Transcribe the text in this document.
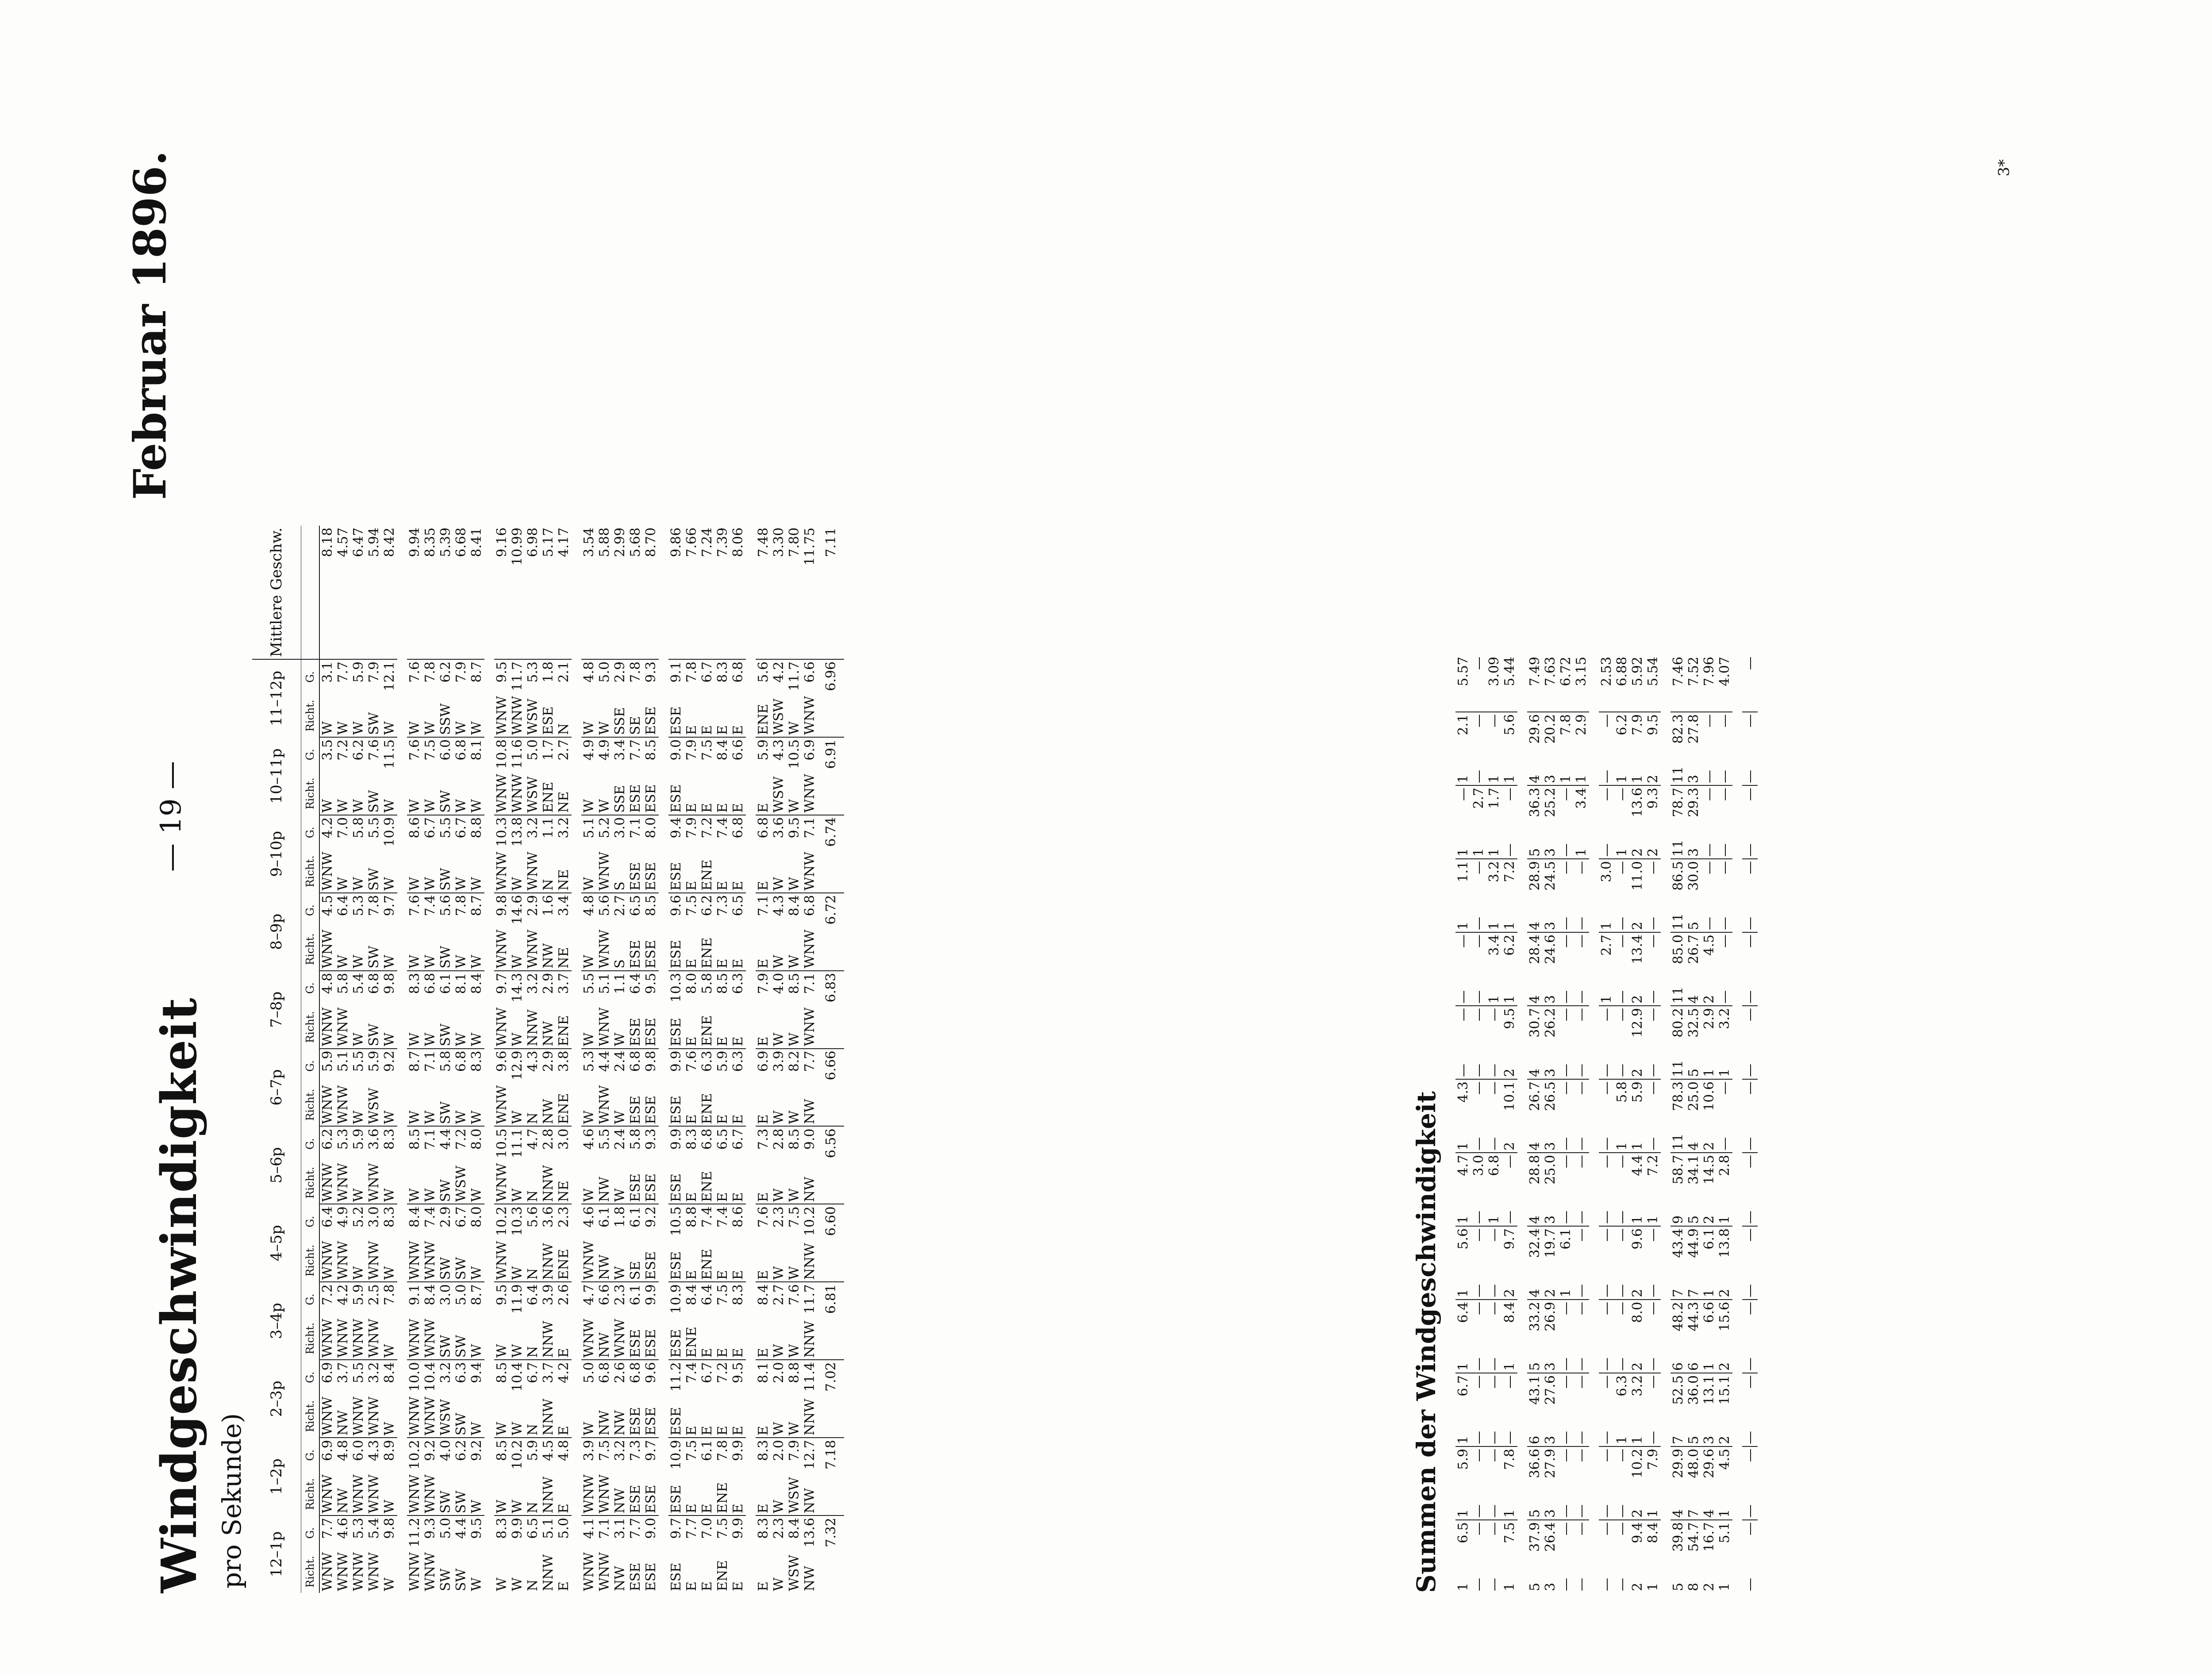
Windgeschwindigkeit pro Sekunde)
— 19 —
Februar 1896.
12–1p		1–2p		2–3p		3–4p		4–5p		5–6p		6–7p		7–8p		8–9p		9–10p		10–11p		11–12p		Mittlere Geschw.
Richt.	G.	Richt.	G.	Richt.	G.	Richt.	G.	Richt.	G.	Richt.	G.	Richt.	G.	Richt.	G.	Richt.	G.	Richt.	G.	Richt.	G.	Richt.	G.	
WNW	7.7	WNW	6.9	WNW	6.9	WNW	7.2	WNW	6.4	WNW	6.2	WNW	5.9	WNW	4.8	WNW	4.5	WNW	4.2	W	3.5	W	3.1	8.18
WNW	4.6	NW	4.8	NW	3.7	WNW	4.2	WNW	4.9	WNW	5.3	WNW	5.1	WNW	5.8	W	6.4	W	7.0	W	7.2	W	7.7	4.57
WNW	5.3	WNW	6.0	WNW	5.5	WNW	5.9	W	5.2	W	5.9	W	5.5	W	5.4	W	5.3	W	5.8	W	6.2	W	5.9	6.47
WNW	5.4	WNW	4.3	WNW	3.2	WNW	2.5	WNW	3.0	WNW	3.6	WSW	5.9	SW	6.8	SW	7.8	SW	5.5	SW	7.6	SW	7.9	5.94
W	9.8	W	8.9	W	8.4	W	7.8	W	8.3	W	8.3	W	9.2	W	9.8	W	9.7	W	10.9	W	11.5	W	12.1	8.42

WNW	11.2	WNW	10.2	WNW	10.0	WNW	9.1	WNW	8.4	W	8.5	W	8.7	W	8.3	W	7.6	W	8.6	W	7.6	W	7.6	9.94
WNW	9.3	WNW	9.2	WNW	10.4	WNW	8.4	WNW	7.4	W	7.1	W	7.1	W	6.8	W	7.4	W	6.7	W	7.5	W	7.8	8.35
SW	5.0	SW	4.0	WSW	3.2	SW	3.0	SW	2.9	SW	4.4	SW	5.8	SW	6.1	SW	5.6	SW	5.5	SW	6.0	SSW	6.2	5.39
SW	4.4	SW	6.2	SW	6.3	SW	5.0	SW	6.7	WSW	7.2	W	6.8	W	8.1	W	7.8	W	6.7	W	6.8	W	7.9	6.68
W	9.5	W	9.2	W	9.4	W	8.7	W	8.0	W	8.0	W	8.3	W	8.4	W	8.7	W	8.8	W	8.1	W	8.7	8.41

W	8.3	W	8.5	W	8.5	W	9.5	WNW	10.2	WNW	10.5	WNW	9.6	WNW	9.7	WNW	9.8	WNW	10.3	WNW	10.8	WNW	9.5	9.16
W	9.9	W	10.2	W	10.4	W	11.9	W	10.3	W	11.1	W	12.9	W	14.3	W	14.6	W	13.8	WNW	11.6	WNW	11.7	10.99
N	6.5	N	5.9	N	6.7	N	6.4	N	5.6	N	4.7	N	4.3	NNW	3.2	WNW	2.9	WNW	3.2	WSW	5.0	WSW	5.3	6.98
NNW	5.1	NNW	4.5	NNW	3.7	NNW	3.9	NNW	3.6	NNW	2.8	NW	2.9	NW	2.9	NW	1.6	N	1.1	ENE	1.7	ESE	1.8	5.17
E	5.0	E	4.8	E	4.2	E	2.6	ENE	2.3	NE	3.0	ENE	3.8	ENE	3.7	NE	3.4	NE	3.2	NE	2.7	N	2.1	4.17

WNW	4.1	WNW	3.9	W	5.0	WNW	4.7	WNW	4.6	W	4.6	W	5.3	W	5.5	W	4.8	W	5.1	W	4.9	W	4.8	3.54
WNW	7.1	WNW	7.5	NW	6.8	NW	6.6	NW	6.1	NW	5.5	WNW	4.4	WNW	5.1	WNW	5.6	WNW	5.2	W	4.9	W	5.0	5.88
NW	3.1	NW	3.2	NW	2.6	WNW	2.3	W	1.8	W	2.4	W	2.4	W	1.1	S	2.7	S	3.0	SSE	3.4	SSE	2.9	2.99
ESE	7.7	ESE	7.3	ESE	6.8	ESE	6.1	SE	6.1	ESE	5.8	ESE	6.8	ESE	6.4	ESE	6.5	ESE	7.1	ESE	7.7	SE	7.8	5.68
ESE	9.0	ESE	9.7	ESE	9.6	ESE	9.9	ESE	9.2	ESE	9.3	ESE	9.8	ESE	9.5	ESE	8.5	ESE	8.0	ESE	8.5	ESE	9.3	8.70

ESE	9.7	ESE	10.9	ESE	11.2	ESE	10.9	ESE	10.5	ESE	9.9	ESE	9.9	ESE	10.3	ESE	9.6	ESE	9.4	ESE	9.0	ESE	9.1	9.86
E	7.7	E	7.5	E	7.4	ENE	8.4	E	8.8	E	8.3	E	7.6	E	8.0	E	7.5	E	7.9	E	7.9	E	7.8	7.66
E	7.0	E	6.1	E	6.7	E	6.4	ENE	7.4	ENE	6.8	ENE	6.3	ENE	5.8	ENE	6.2	ENE	7.2	E	7.5	E	6.7	7.24
ENE	7.5	ENE	7.8	E	7.2	E	7.5	E	7.4	E	6.5	E	5.9	E	8.5	E	7.3	E	7.4	E	8.4	E	8.3	7.39
E	9.9	E	9.9	E	9.5	E	8.3	E	8.6	E	6.7	E	6.3	E	6.3	E	6.5	E	6.8	E	6.6	E	6.8	8.06

E	8.3	E	8.3	E	8.1	E	8.4	E	7.6	E	7.3	E	6.9	E	7.9	E	7.1	E	6.8	E	5.9	ENE	5.6	7.48
W	2.3	W	2.0	W	2.0	W	2.7	W	2.3	W	2.8	W	3.9	W	4.0	W	4.3	W	3.6	WSW	4.3	WSW	4.2	3.30
WSW	8.4	WSW	7.9	W	8.8	W	7.6	W	7.5	W	8.5	W	8.2	W	8.5	W	8.4	W	9.5	W	10.5	W	11.7	7.80
NW	13.6	NW	12.7	NNW	11.4	NNW	11.7	NNW	10.2	NW	9.0	NW	7.7	WNW	7.1	WNW	6.8	WNW	7.1	WNW	6.9	WNW	6.6	11.75
	7.32		7.18		7.02		6.81		6.60		6.56		6.66		6.83		6.72		6.74		6.91		6.96	7.11
Summen der Windgeschwindigkeit 1	6.5	1	5.9	1	6.7	1	6.4	1	5.6	1	4.7	1	4.3	—	—	—	—	1	1.1	1	—	1	2.1	5.57
—	—	—	—	—	—	—	—	—	—	—	3.0	—	—	—	—	—	—	—	—	1	2.7	—	—	—
—	—	—	—	—	—	—	—	—	—	1	6.8	—	—	—	—	1	3.4	1	3.2	1	1.7	1	—	3.09
1	7.5	1	7.8	—	—	1	8.4	2	9.7	—	—	2	10.1	2	9.5	1	6.2	1	7.2	—	—	1	5.6	5.44

5	37.9	5	36.6	6	43.1	5	33.2	4	32.4	4	28.8	4	26.7	4	30.7	4	28.4	4	28.9	5	36.3	4	29.6	7.49
3	26.4	3	27.9	3	27.6	3	26.9	2	19.7	3	25.0	3	26.5	3	26.2	3	24.6	3	24.5	3	25.2	3	20.2	7.63
—	—	—	—	—	—	—	—	1	6.1	—	—	—	—	—	—	—	—	—	—	—	—	1	7.8	6.72
—	—	—	—	—	—	—	—	—	—	—	—	—	—	—	—	—	—	—	—	1	3.4	1	2.9	3.15

—	—	—	—	—	—	—	—	—	—	—	—	—	—	—	—	1	2.7	1	3.0	—	—	—	—	2.53
—	—	—	—	1	6.3	—	—	—	—	—	—	1	5.8	—	—	—	—	—	—	1	—	1	6.2	6.88
2	9.4	2	10.2	1	3.2	2	8.0	2	9.6	1	4.4	1	5.9	2	12.9	2	13.4	2	11.0	2	13.6	1	7.9	5.92
1	8.4	1	7.9	—	—	—	—	—	—	1	7.2	—	—	—	—	—	—	—	—	2	9.3	2	9.5	5.54

5	39.8	4	29.9	7	52.5	6	48.2	7	43.4	9	58.7	11	78.3	11	80.2	11	85.0	11	86.5	11	78.7	11	82.3	7.46
8	54.7	7	48.0	5	36.0	6	44.3	7	44.9	5	34.1	4	25.0	5	32.5	4	26.7	5	30.0	3	29.3	3	27.8	7.52
2	16.7	4	29.6	3	13.1	1	6.6	1	6.1	2	14.5	2	10.6	1	2.9	2	4.5	—	—	—	—	—	—	7.96
1	5.1	1	4.5	2	15.1	2	15.6	2	13.8	1	2.8	—	—	1	3.2	—	—	—	—	—	—	—	—	4.07

—	—	—	—	—	—	—	—	—	—	—	—	—	—	—	—	—	—	—	—	—	—	—	—	—
3*
